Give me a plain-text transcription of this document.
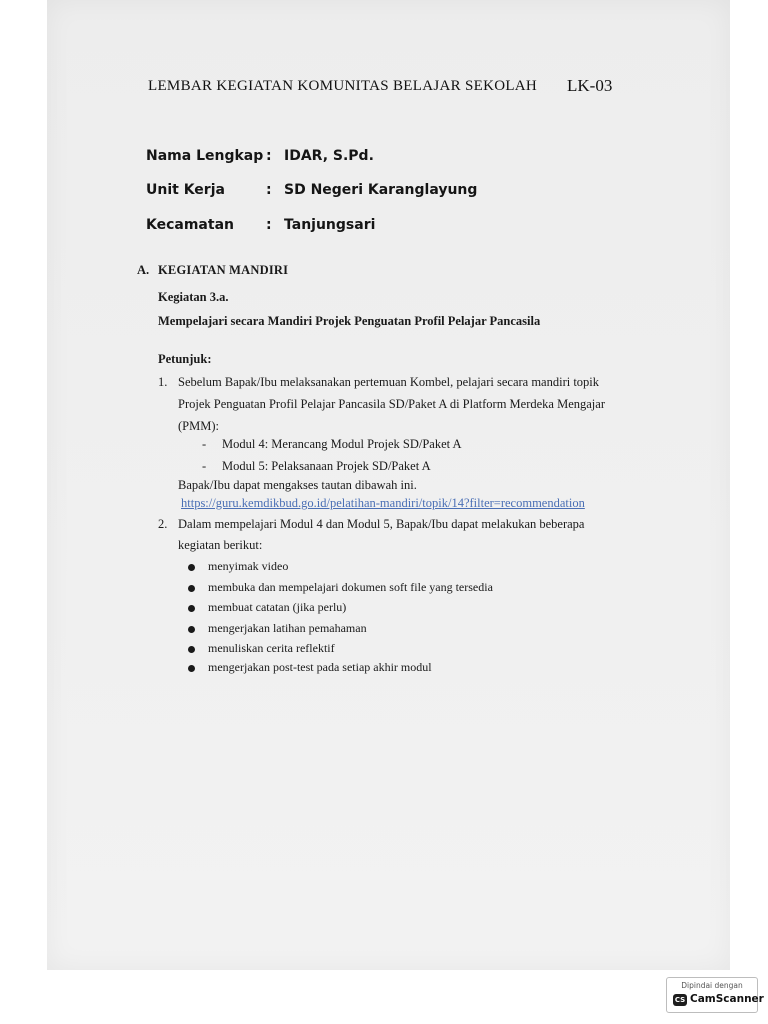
LEMBAR KEGIATAN KOMUNITAS BELAJAR SEKOLAH LK-03
Nama Lengkap : IDAR, S.Pd.
Unit Kerja	: SD Negeri Karanglayung
Kecamatan : Tanjungsari
A. KEGIATAN MANDIRI
Kegiatan 3.a.
Mempelajari secara Mandiri Projek Penguatan Profil Pelajar Pancasila
Petunjuk:
1. Sebelum Bapak/Ibu melaksanakan pertemuan Kombel, pelajari secara mandiri topik
Projek Penguatan Profil Pelajar Pancasila SD/Paket A di Platform Merdeka Mengajar
(PMM):
- Modul 4: Merancang Modul Projek SD/Paket A
- Modul 5: Pelaksanaan Projek SD/Paket A
Bapak/Ibu dapat mengakses tautan dibawah ini.
https://guru.kemdikbud.go.id/pelatihan-mandiri/topik/14?filter=recommendation
2. Dalam mempelajari Modul 4 dan Modul 5, Bapak/Ibu dapat melakukan beberapa
kegiatan berikut:
menyimak video
membuka dan mempelajari dokumen soft file yang tersedia
membuat catatan (jika perlu)
mengerjakan latihan pemahaman
menuliskan cerita reflektif
mengerjakan post-test pada setiap akhir modul
Dipindai dengan
CS CamScanner
